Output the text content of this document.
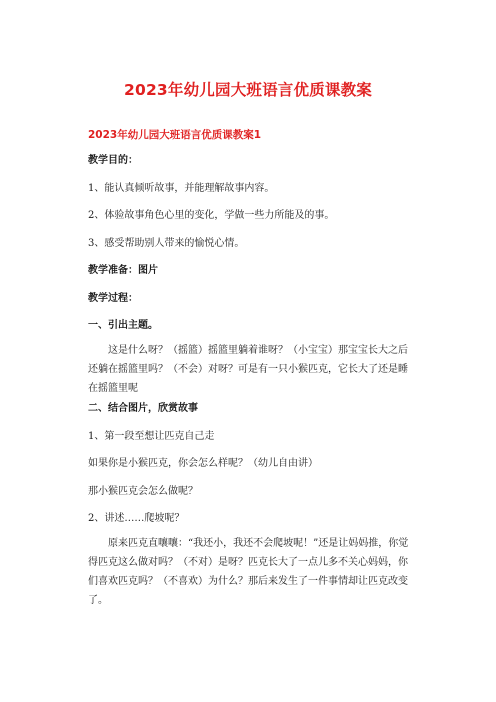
2023年幼儿园大班语言优质课教案
2023年幼儿园大班语言优质课教案1
教学目的：
1、能认真倾听故事，并能理解故事内容。
2、体验故事角色心里的变化，学做一些力所能及的事。
3、感受帮助别人带来的愉悦心情。
教学准备：图片
教学过程：
一、引出主题。
这是什么呀？（摇篮）摇篮里躺着谁呀？（小宝宝）那宝宝长大之后还躺在摇篮里吗？（不会）对呀？可是有一只小猴匹克，它长大了还是睡在摇篮里呢
二、结合图片，欣赏故事
1、第一段至想让匹克自己走
如果你是小猴匹克，你会怎么样呢？（幼儿自由讲）
那小猴匹克会怎么做呢？
2、讲述……爬坡呢？
原来匹克直嚷嚷：“我还小，我还不会爬坡呢！”还是让妈妈推，你觉得匹克这么做对吗？（不对）是呀？匹克长大了一点儿多不关心妈妈，你们喜欢匹克吗？（不喜欢）为什么？那后来发生了一件事情却让匹克改变了。
